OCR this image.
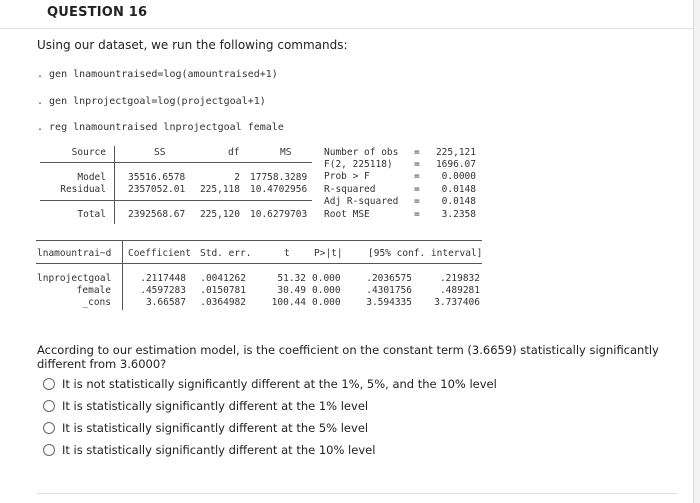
QUESTION 16
Using our dataset, we run the following commands:
. gen lnamountraised=log(amountraised+1)
. gen lnprojectgoal=log(projectgoal+1)
. reg lnamountraised lnprojectgoal female
Source	SS	df	MS
Model 35516.6578	2 17758.3289
Residual 2357052.01	225,118 10.4702956
Total 2392568.67	225,120 10.6279703
Number of obs =	225,121
F(2, 225118) =	1696.07
Prob > F	=	0.0000
R-squared	=	0.0148
Adj R-squared =	0.0148
Root MSE	=	3.2358
lnamountrai~d Coefficient Std. err.	t	P>|t|	[95% conf. interval]
lnprojectgoal	.2117448	.0041262	51.32 0.000	.2036575	.219832
female	.4597283	.0150781	30.49 0.000	.4301756	.489281
_cons	3.66587	.0364982	100.44 0.000	3.594335	3.737406
According to our estimation model, is the coefficient on the constant term (3.6659) statistically significantly different from 3.6000?
It is not statistically significantly different at the 1%, 5%, and the 10% level
It is statistically significantly different at the 1% level
It is statistically significantly different at the 5% level
It is statistically significantly different at the 10% level
